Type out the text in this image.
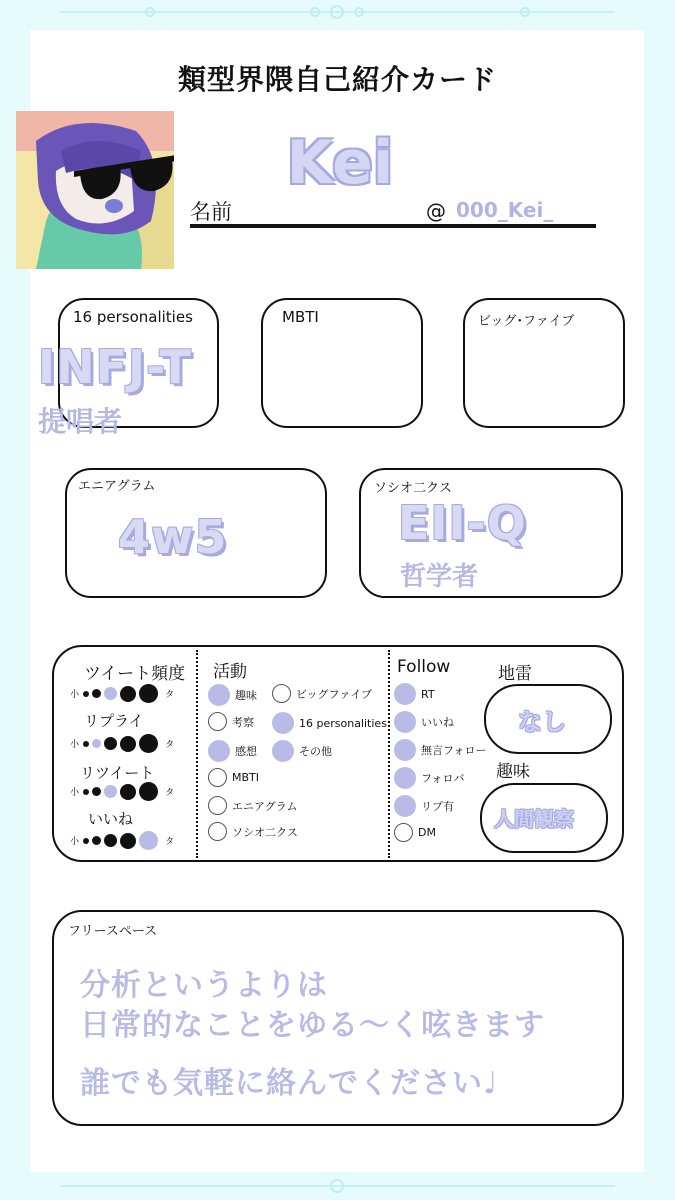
類型界隈自己紹介カード
名前
Kei
@ 000_Kei_
16 personalities	MBTI	ビッグ･ファイブ
INFJ-T
提唱者
エニアグラム
4w5
ソシオ二クス
EII-Q
哲学者
ツイート頻度
リプライ
リツイート
いいね
小	タ
小	タ
小	タ
小	タ
活動
趣味	ビッグファイブ
考察	16 personalities
感想	その他
MBTI
エニアグラム
ソシオ二クス
Follow
RT
いいね
無言フォロー
フォロバ
リプ有
DM
地雷
なし
趣味
人間観察
フリースペース
分析というよりは
日常的なことをゆる〜く呟きます
誰でも気軽に絡んでください♩
